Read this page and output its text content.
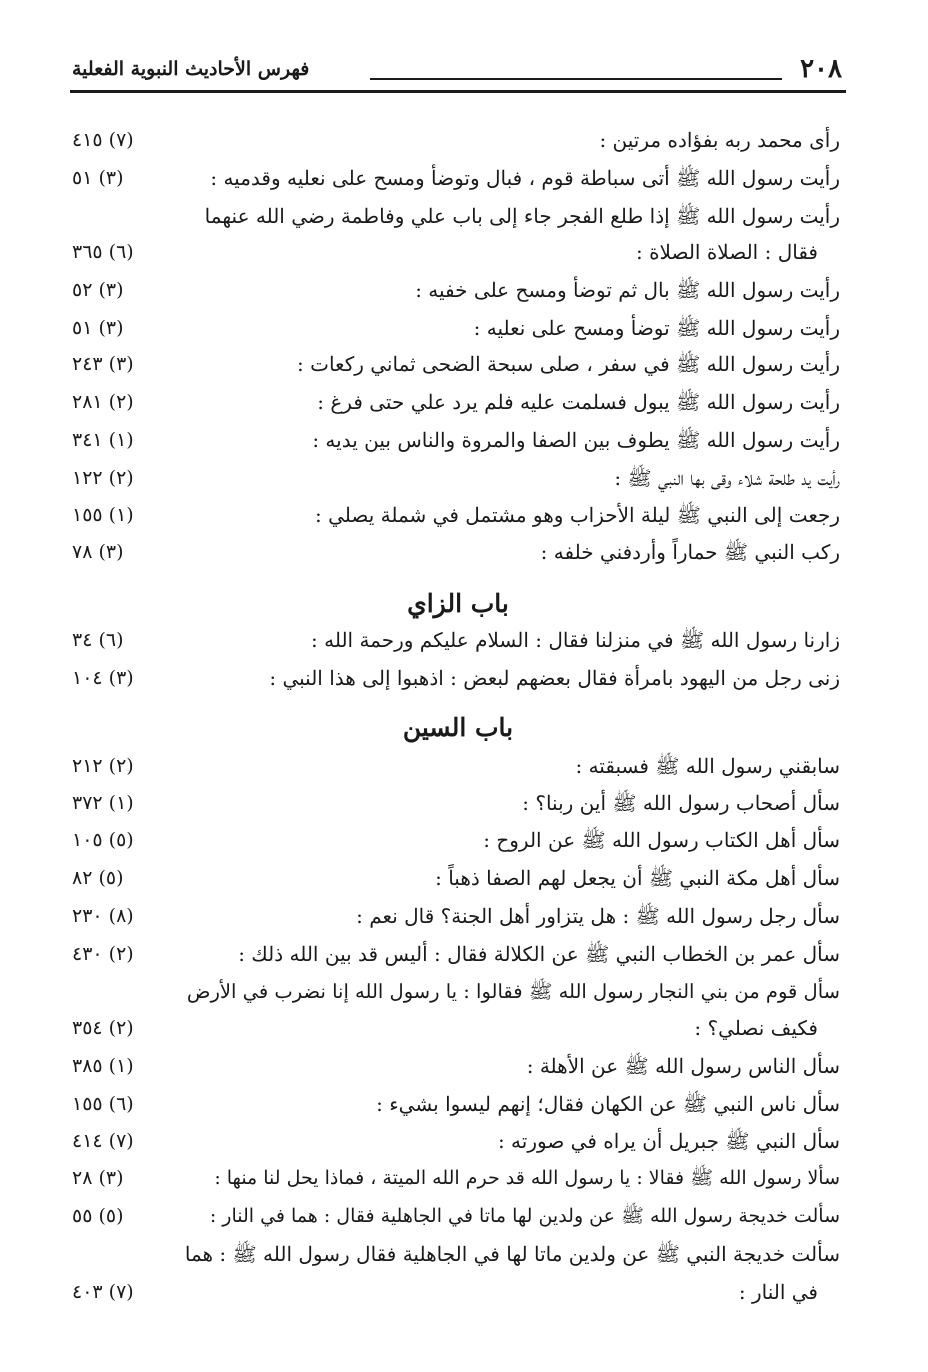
٢٠٨
فهرس الأحاديث النبوية الفعلية
رأى محمد ربه بفؤاده مرتين :
(٧) ٤١٥
رأيت رسول الله ﷺ أتى سباطة قوم ، فبال وتوضأ ومسح على نعليه وقدميه :
(٣) ٥١
رأيت رسول الله ﷺ إذا طلع الفجر جاء إلى باب علي وفاطمة رضي الله عنهما
فقال : الصلاة الصلاة :
(٦) ٣٦٥
رأيت رسول الله ﷺ بال ثم توضأ ومسح على خفيه :
(٣) ٥٢
رأيت رسول الله ﷺ توضأ ومسح على نعليه :
(٣) ٥١
رأيت رسول الله ﷺ في سفر ، صلى سبحة الضحى ثماني ركعات :
(٣) ٢٤٣
رأيت رسول الله ﷺ يبول فسلمت عليه فلم يرد علي حتى فرغ :
(٢) ٢٨١
رأيت رسول الله ﷺ يطوف بين الصفا والمروة والناس بين يديه :
(١) ٣٤١
رأيت يد طلحة شلاء وقى بها النبي ﷺ :
(٢) ١٢٢
رجعت إلى النبي ﷺ ليلة الأحزاب وهو مشتمل في شملة يصلي :
(١) ١٥٥
ركب النبي ﷺ حماراً وأردفني خلفه :
(٣) ٧٨
باب الزاي
زارنا رسول الله ﷺ في منزلنا فقال : السلام عليكم ورحمة الله :
(٦) ٣٤
زنى رجل من اليهود بامرأة فقال بعضهم لبعض : اذهبوا إلى هذا النبي :
(٣) ١٠٤
باب السين
سابقني رسول الله ﷺ فسبقته :
(٢) ٢١٢
سأل أصحاب رسول الله ﷺ أين ربنا؟ :
(١) ٣٧٢
سأل أهل الكتاب رسول الله ﷺ عن الروح :
(٥) ١٠٥
سأل أهل مكة النبي ﷺ أن يجعل لهم الصفا ذهباً :
(٥) ٨٢
سأل رجل رسول الله ﷺ : هل يتزاور أهل الجنة؟ قال نعم :
(٨) ٢٣٠
سأل عمر بن الخطاب النبي ﷺ عن الكلالة فقال : أليس قد بين الله ذلك :
(٢) ٤٣٠
سأل قوم من بني النجار رسول الله ﷺ فقالوا : يا رسول الله إنا نضرب في الأرض
فكيف نصلي؟ :
(٢) ٣٥٤
سأل الناس رسول الله ﷺ عن الأهلة :
(١) ٣٨٥
سأل ناس النبي ﷺ عن الكهان فقال؛ إنهم ليسوا بشيء :
(٦) ١٥٥
سأل النبي ﷺ جبريل أن يراه في صورته :
(٧) ٤١٤
سألا رسول الله ﷺ فقالا : يا رسول الله قد حرم الله الميتة ، فماذا يحل لنا منها :
(٣) ٢٨
سألت خديجة رسول الله ﷺ عن ولدين لها ماتا في الجاهلية فقال : هما في النار :
(٥) ٥٥
سألت خديجة النبي ﷺ عن ولدين ماتا لها في الجاهلية فقال رسول الله ﷺ : هما
في النار :
(٧) ٤٠٣
